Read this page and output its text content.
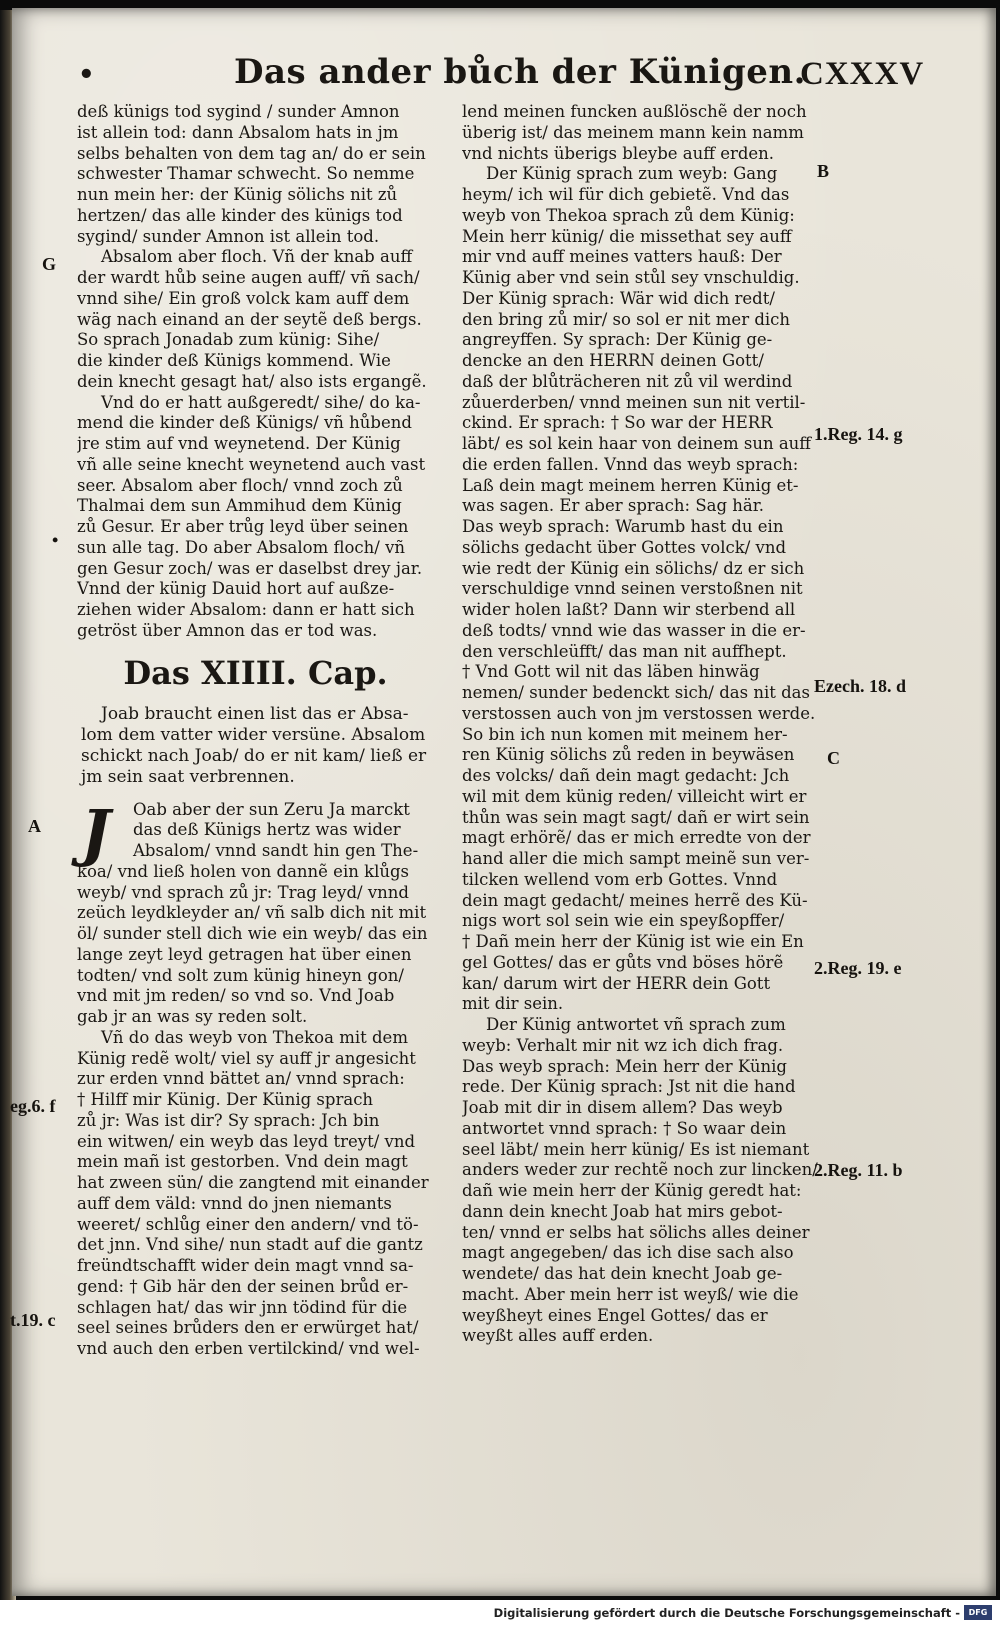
•	Das ander bůch der Künigen.
CXXXV
deß künigs tod sygind / sunder Amnon
ist allein tod: dann Absalom hats in jm
selbs behalten von dem tag an/ do er sein
schwester Thamar schwecht. So nemme
nun mein her: der Künig sölichs nit zů
hertzen/ das alle kinder des künigs tod
sygind/ sunder Amnon ist allein tod.
Absalom aber floch. Vñ der knab auff
der wardt hůb seine augen auff/ vñ sach/
vnnd sihe/ Ein groß volck kam auff dem
wäg nach einand an der seytẽ deß bergs.
So sprach Jonadab zum künig: Sihe/
die kinder deß Künigs kommend. Wie
dein knecht gesagt hat/ also ists ergangẽ.
Vnd do er hatt außgeredt/ sihe/ do ka-
mend die kinder deß Künigs/ vñ hůbend
jre stim auf vnd weynetend. Der Künig
vñ alle seine knecht weynetend auch vast
seer. Absalom aber floch/ vnnd zoch zů
Thalmai dem sun Ammihud dem Künig
zů Gesur. Er aber trůg leyd über seinen
sun alle tag. Do aber Absalom floch/ vñ
gen Gesur zoch/ was er daselbst drey jar.
Vnnd der künig Dauid hort auf außze-
ziehen wider Absalom: dann er hatt sich
getröst über Amnon das er tod was.
Das XIIII. Cap.
Joab braucht einen list das er Absa-
lom dem vatter wider versüne. Absalom
schickt nach Joab/ do er nit kam/ ließ er
jm sein saat verbrennen.
J	Oab aber der sun Zeru Ja marckt
das deß Künigs hertz was wider
Absalom/ vnnd sandt hin gen The-
koa/ vnd ließ holen von dannẽ ein klůgs
weyb/ vnd sprach zů jr: Trag leyd/ vnnd
zeüch leydkleyder an/ vñ salb dich nit mit
öl/ sunder stell dich wie ein weyb/ das ein
lange zeyt leyd getragen hat über einen
todten/ vnd solt zum künig hineyn gon/
vnd mit jm reden/ so vnd so. Vnd Joab
gab jr an was sy reden solt.
Vñ do das weyb von Thekoa mit dem
Künig redẽ wolt/ viel sy auff jr angesicht
zur erden vnnd bättet an/ vnnd sprach:
† Hilff mir Künig. Der Künig sprach
zů jr: Was ist dir? Sy sprach: Jch bin
ein witwen/ ein weyb das leyd treyt/ vnd
mein mañ ist gestorben. Vnd dein magt
hat zween sün/ die zangtend mit einander
auff dem väld: vnnd do jnen niemants
weeret/ schlůg einer den andern/ vnd tö-
det jnn. Vnd sihe/ nun stadt auf die gantz
freündtschafft wider dein magt vnnd sa-
gend: † Gib här den der seinen brůd er-
schlagen hat/ das wir jnn tödind für die
seel seines brůders den er erwürget hat/
vnd auch den erben vertilckind/ vnd wel-
lend meinen funcken außlöschẽ der noch
überig ist/ das meinem mann kein namm
vnd nichts überigs bleybe auff erden.
Der Künig sprach zum weyb: Gang
heym/ ich wil für dich gebietẽ. Vnd das
weyb von Thekoa sprach zů dem Künig:
Mein herr künig/ die missethat sey auff
mir vnd auff meines vatters hauß: Der
Künig aber vnd sein stůl sey vnschuldig.
Der Künig sprach: Wär wid dich redt/
den bring zů mir/ so sol er nit mer dich
angreyffen. Sy sprach: Der Künig ge-
dencke an den HERRN deinen Gott/
daß der blůträcheren nit zů vil werdind
zůuerderben/ vnnd meinen sun nit vertil-
ckind. Er sprach: † So war der HERR
läbt/ es sol kein haar von deinem sun auff
die erden fallen. Vnnd das weyb sprach:
Laß dein magt meinem herren Künig et-
was sagen. Er aber sprach: Sag här.
Das weyb sprach: Warumb hast du ein
sölichs gedacht über Gottes volck/ vnd
wie redt der Künig ein sölichs/ dz er sich
verschuldige vnnd seinen verstoßnen nit
wider holen laßt? Dann wir sterbend all
deß todts/ vnnd wie das wasser in die er-
den verschleüfft/ das man nit auffhept.
† Vnd Gott wil nit das läben hinwäg
nemen/ sunder bedenckt sich/ das nit das
verstossen auch von jm verstossen werde.
So bin ich nun komen mit meinem her-
ren Künig sölichs zů reden in beywäsen
des volcks/ dañ dein magt gedacht: Jch
wil mit dem künig reden/ villeicht wirt er
thůn was sein magt sagt/ dañ er wirt sein
magt erhörẽ/ das er mich erredte von der
hand aller die mich sampt meinẽ sun ver-
tilcken wellend vom erb Gottes. Vnnd
dein magt gedacht/ meines herrẽ des Kü-
nigs wort sol sein wie ein speyßopffer/
† Dañ mein herr der Künig ist wie ein En
gel Gottes/ das er gůts vnd böses hörẽ
kan/ darum wirt der HERR dein Gott
mit dir sein.
Der Künig antwortet vñ sprach zum
weyb: Verhalt mir nit wz ich dich frag.
Das weyb sprach: Mein herr der Künig
rede. Der Künig sprach: Jst nit die hand
Joab mit dir in disem allem? Das weyb
antwortet vnnd sprach: † So waar dein
seel läbt/ mein herr künig/ Es ist niemant
anders weder zur rechtẽ noch zur lincken/
dañ wie mein herr der Künig geredt hat:
dann dein knecht Joab hat mirs gebot-
ten/ vnnd er selbs hat sölichs alles deiner
magt angegeben/ das ich dise sach also
wendete/ das hat dein knecht Joab ge-
macht. Aber mein herr ist weyß/ wie die
weyßheyt eines Engel Gottes/ das er
weyßt alles auff erden.
G
•
A
eg.6. f
t.19. c
B
1.Reg. 14. g
Ezech. 18. d
C
2.Reg. 19. e
2.Reg. 11. b
Digitalisierung gefördert durch die Deutsche Forschungsgemeinschaft -	DFG
